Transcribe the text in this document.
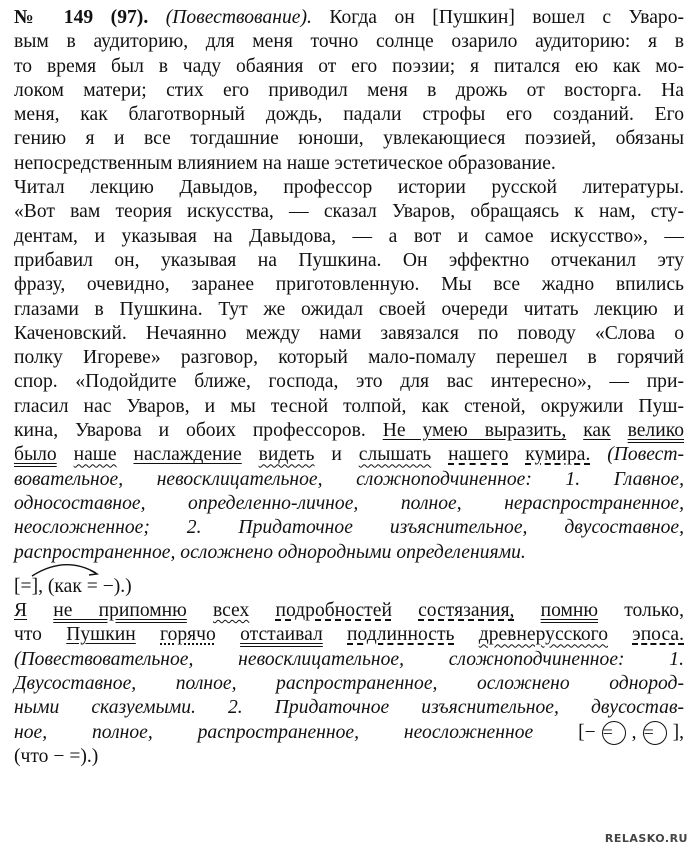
№ 149 (97). (Повествование). Когда он [Пушкин] вошел с Уваро-
вым в аудиторию, для меня точно солнце озарило аудиторию: я в
то время был в чаду обаяния от его поэзии; я питался ею как мо-
локом матери; стих его приводил меня в дрожь от восторга. На
меня, как благотворный дождь, падали строфы его созданий. Его
гению я и все тогдашние юноши, увлекающиеся поэзией, обязаны
непосредственным влиянием на наше эстетическое образование.
Читал лекцию Давыдов, профессор истории русской литературы.
«Вот вам теория искусства, — сказал Уваров, обращаясь к нам, сту-
дентам, и указывая на Давыдова, — а вот и самое искусство», —
прибавил он, указывая на Пушкина. Он эффектно отчеканил эту
фразу, очевидно, заранее приготовленную. Мы все жадно впились
глазами в Пушкина. Тут же ожидал своей очереди читать лекцию и
Каченовский. Нечаянно между нами завязался по поводу «Слова о
полку Игореве» разговор, который мало-помалу перешел в горячий
спор. «Подойдите ближе, господа, это для вас интересно», — при-
гласил нас Уваров, и мы тесной толпой, как стеной, окружили Пуш-
кина, Уварова и обоих профессоров. Не умею выразить, как велико
было наше наслаждение видеть и слышать нашего кумира. (Повест-
вовательное, невосклицательное, сложноподчиненное: 1. Главное,
односоставное, определенно-личное, полное, нераспространенное,
неосложненное; 2. Придаточное изъяснительное, двусоставное,
распространенное, осложнено однородными определениями.
[=], (как = −).)
Я не припомню всех подробностей состязания, помню только,
что Пушкин горячо отстаивал подлинность древнерусского эпоса.
(Повествовательное, невосклицательное, сложноподчиненное: 1.
Двусоставное, полное, распространенное, осложнено однород-
ными сказуемыми. 2. Придаточное изъяснительное, двусостав-
ное, полное, распространенное, неосложненное [− = , = ],
(что − =).)
RELASKO.RU
